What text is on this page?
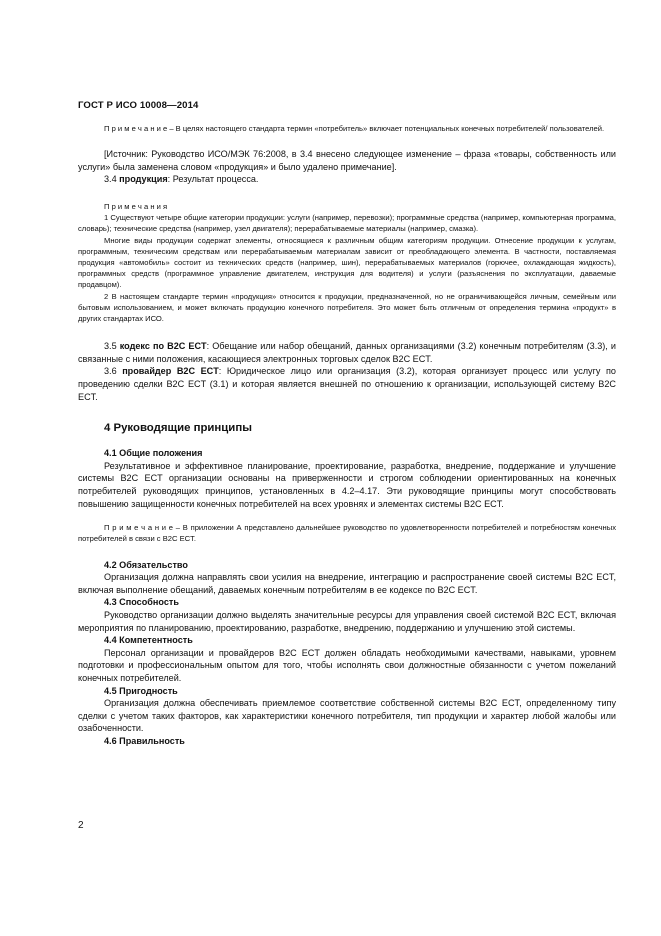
ГОСТ Р ИСО 10008—2014

П р и м е ч а н и е – В целях настоящего стандарта термин «потребитель» включает потенциальных конечных потребителей/ пользователей.

[Источник: Руководство ИСО/МЭК 76:2008, в 3.4 внесено следующее изменение – фраза «товары, собственность или услуги» была заменена словом «продукция» и было удалено примечание].

3.4 продукция: Результат процесса.

П р и м е ч а н и я

1 Существуют четыре общие категории продукции: услуги (например, перевозки); программные средства (например, компьютерная программа, словарь); технические средства (например, узел двигателя); перерабатываемые материалы (например, смазка).

Многие виды продукции содержат элементы, относящиеся к различным общим категориям продукции. Отнесение продукции к услугам, программным, техническим средствам или перерабатываемым материалам зависит от преобладающего элемента. В частности, поставляемая продукция «автомобиль» состоит из технических средств (например, шин), перерабатываемых материалов (горючее, охлаждающая жидкость), программных средств (программное управление двигателем, инструкция для водителя) и услуги (разъяснения по эксплуатации, даваемые продавцом).

2 В настоящем стандарте термин «продукция» относится к продукции, предназначенной, но не ограничивающейся личным, семейным или бытовым использованием, и может включать продукцию конечного потребителя. Это может быть отличным от определения термина «продукт» в других стандартах ИСО.

3.5 кодекс по B2C ECT: Обещание или набор обещаний, данных организациями (3.2) конечным потребителям (3.3), и связанные с ними положения, касающиеся электронных торговых сделок B2C ECT.

3.6 провайдер B2C ECT: Юридическое лицо или организация (3.2), которая организует процесс или услугу по проведению сделки B2C ECT (3.1) и которая является внешней по отношению к организации, использующей систему B2C ECT.

4 Руководящие принципы

4.1 Общие положения

Результативное и эффективное планирование, проектирование, разработка, внедрение, поддержание и улучшение системы B2C ECT организации основаны на приверженности и строгом соблюдении ориентированных на конечных потребителей руководящих принципов, установленных в 4.2–4.17. Эти руководящие принципы могут способствовать повышению защищенности конечных потребителей на всех уровнях и элементах системы B2C ECT.

П р и м е ч а н и е – В приложении А представлено дальнейшее руководство по удовлетворенности потребителей и потребностям конечных потребителей в связи с B2C ECT.

4.2 Обязательство

Организация должна направлять свои усилия на внедрение, интеграцию и распространение своей системы B2C ECT, включая выполнение обещаний, даваемых конечным потребителям в ее кодексе по B2C ECT.

4.3 Способность

Руководство организации должно выделять значительные ресурсы для управления своей системой B2C ECT, включая мероприятия по планированию, проектированию, разработке, внедрению, поддержанию и улучшению этой системы.

4.4 Компетентность

Персонал организации и провайдеров B2C ECT должен обладать необходимыми качествами, навыками, уровнем подготовки и профессиональным опытом для того, чтобы исполнять свои должностные обязанности с учетом пожеланий конечных потребителей.

4.5 Пригодность

Организация должна обеспечивать приемлемое соответствие собственной системы B2C ECT, определенному типу сделки с учетом таких факторов, как характеристики конечного потребителя, тип продукции и характер любой жалобы или озабоченности.

4.6 Правильность

2
